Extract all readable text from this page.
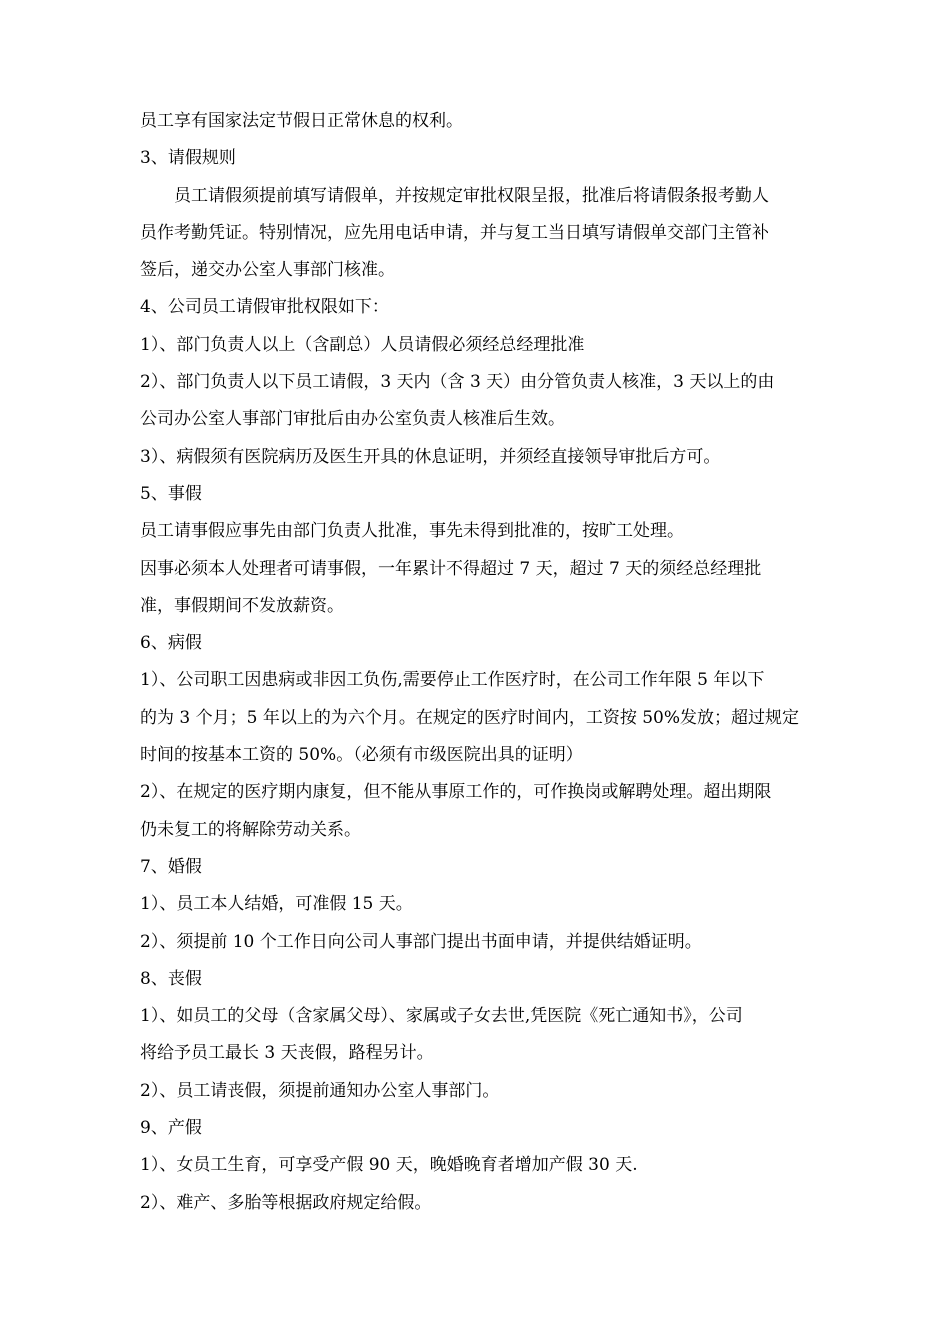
员工享有国家法定节假日正常休息的权利。
3、请假规则
　　员工请假须提前填写请假单，并按规定审批权限呈报，批准后将请假条报考勤人
员作考勤凭证。特别情况，应先用电话申请，并与复工当日填写请假单交部门主管补
签后，递交办公室人事部门核准。
4、公司员工请假审批权限如下：
1）、部门负责人以上（含副总）人员请假必须经总经理批准
2）、部门负责人以下员工请假，3 天内（含 3 天）由分管负责人核准，3 天以上的由
公司办公室人事部门审批后由办公室负责人核准后生效。
3）、病假须有医院病历及医生开具的休息证明，并须经直接领导审批后方可。
5、事假
员工请事假应事先由部门负责人批准，事先未得到批准的，按旷工处理。
因事必须本人处理者可请事假，一年累计不得超过 7 天，超过 7 天的须经总经理批
准，事假期间不发放薪资。
6、病假
1）、公司职工因患病或非因工负伤,需要停止工作医疗时，在公司工作年限 5 年以下
的为 3 个月；5 年以上的为六个月。在规定的医疗时间内，工资按 50%发放；超过规定
时间的按基本工资的 50%。（必须有市级医院出具的证明）
2）、在规定的医疗期内康复，但不能从事原工作的，可作换岗或解聘处理。超出期限
仍未复工的将解除劳动关系。
7、婚假
1）、员工本人结婚，可准假 15 天。
2）、须提前 10 个工作日向公司人事部门提出书面申请，并提供结婚证明。
8、丧假
1）、如员工的父母（含家属父母）、家属或子女去世,凭医院《死亡通知书》，公司
将给予员工最长 3 天丧假，路程另计。
2）、员工请丧假，须提前通知办公室人事部门。
9、产假
1）、女员工生育，可享受产假 90 天，晚婚晚育者增加产假 30 天.
2）、难产、多胎等根据政府规定给假。
